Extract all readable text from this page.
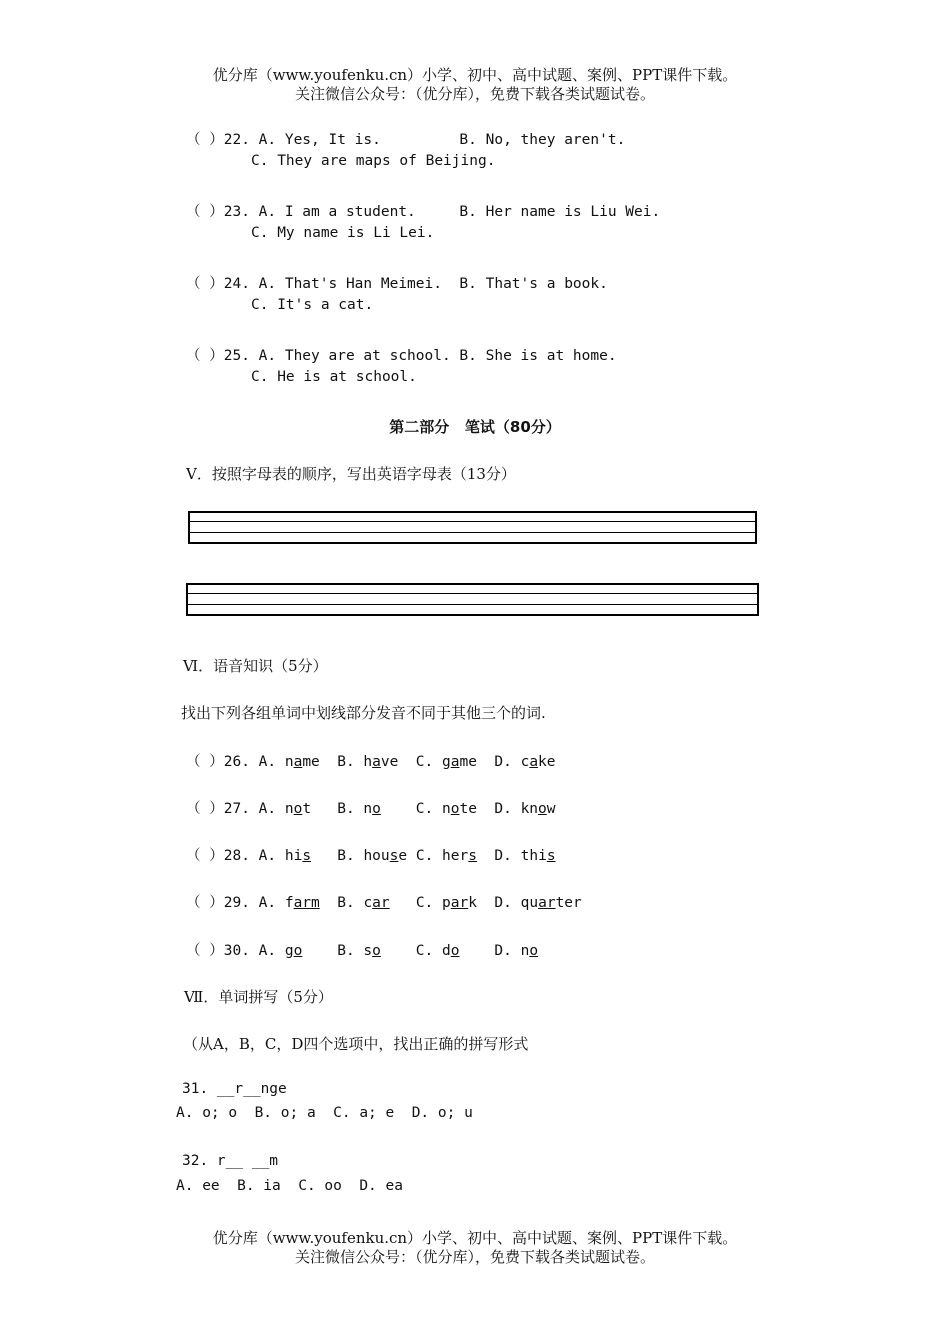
优分库（www.youfenku.cn）小学、初中、高中试题、案例、PPT课件下载。
关注微信公众号：（优分库），免费下载各类试题试卷。
（ ）22. A. Yes, It is.         B. No, they aren't.
C. They are maps of Beijing.
（ ）23. A. I am a student.     B. Her name is Liu Wei.
C. My name is Li Lei.
（ ）24. A. That's Han Meimei.  B. That's a book.
C. It's a cat.
（ ）25. A. They are at school. B. She is at home.
C. He is at school.
第二部分   笔试（80分）
V．按照字母表的顺序，写出英语字母表（13分）
Ⅵ．语音知识（5分）
找出下列各组单词中划线部分发音不同于其他三个的词.
（ ）26. A. name  B. have  C. game  D. cake
（ ）27. A. not   B. no    C. note  D. know
（ ）28. A. his   B. house C. hers  D. this
（ ）29. A. farm  B. car   C. park  D. quarter
（ ）30. A. go    B. so    C. do    D. no
Ⅶ．单词拼写（5分）
（从A，B，C，D四个选项中，找出正确的拼写形式
31. __r__nge
A. o; o  B. o; a  C. a; e  D. o; u
32. r__ __m
A. ee  B. ia  C. oo  D. ea
优分库（www.youfenku.cn）小学、初中、高中试题、案例、PPT课件下载。
关注微信公众号：（优分库），免费下载各类试题试卷。
